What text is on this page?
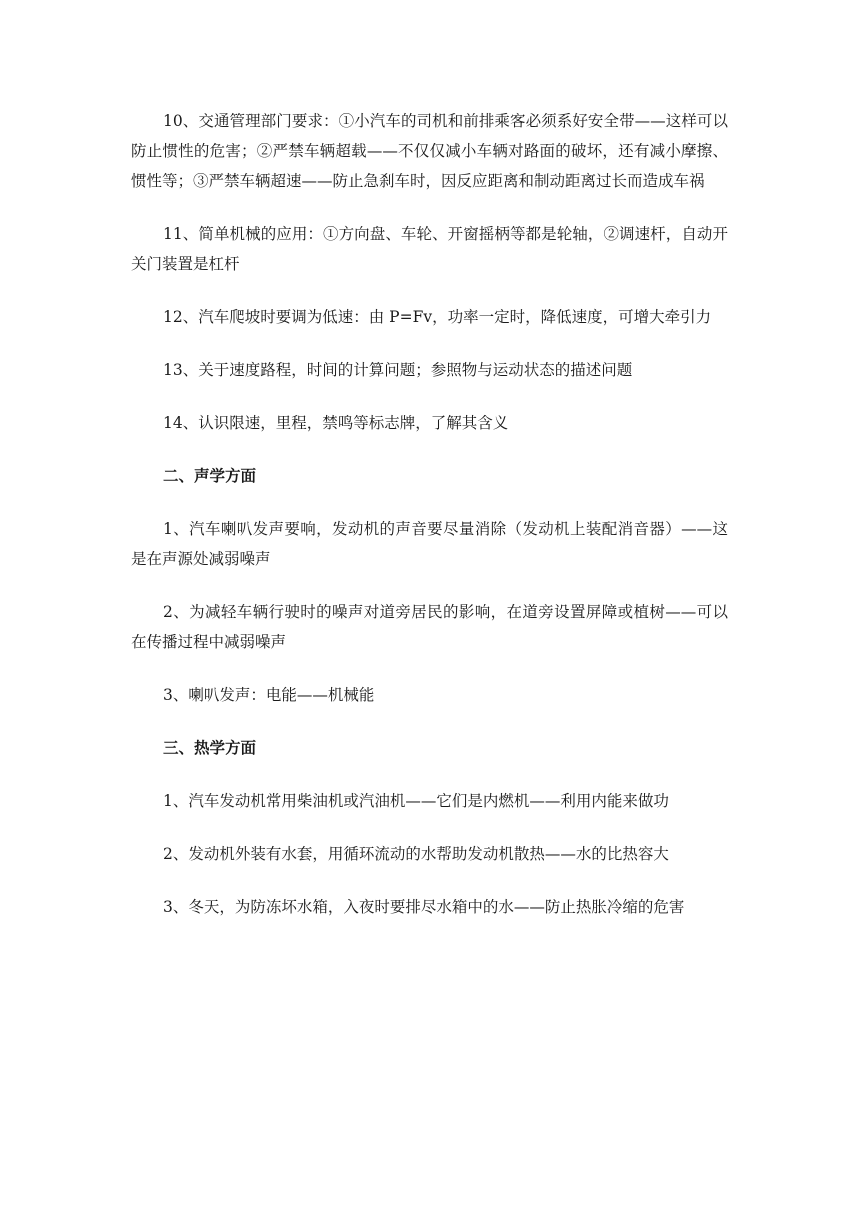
10、交通管理部门要求：①小汽车的司机和前排乘客必须系好安全带——这样可以防止惯性的危害；②严禁车辆超载——不仅仅减小车辆对路面的破坏，还有减小摩擦、惯性等；③严禁车辆超速——防止急刹车时，因反应距离和制动距离过长而造成车祸

11、简单机械的应用：①方向盘、车轮、开窗摇柄等都是轮轴，②调速杆，自动开关门装置是杠杆

12、汽车爬坡时要调为低速：由 P=Fv，功率一定时，降低速度，可增大牵引力

13、关于速度路程，时间的计算问题；参照物与运动状态的描述问题

14、认识限速，里程，禁鸣等标志牌，了解其含义

二、声学方面

1、汽车喇叭发声要响，发动机的声音要尽量消除（发动机上装配消音器）——这是在声源处减弱噪声

2、为减轻车辆行驶时的噪声对道旁居民的影响，在道旁设置屏障或植树——可以在传播过程中减弱噪声

3、喇叭发声：电能——机械能

三、热学方面

1、汽车发动机常用柴油机或汽油机——它们是内燃机——利用内能来做功

2、发动机外装有水套，用循环流动的水帮助发动机散热——水的比热容大

3、冬天，为防冻坏水箱，入夜时要排尽水箱中的水——防止热胀冷缩的危害
